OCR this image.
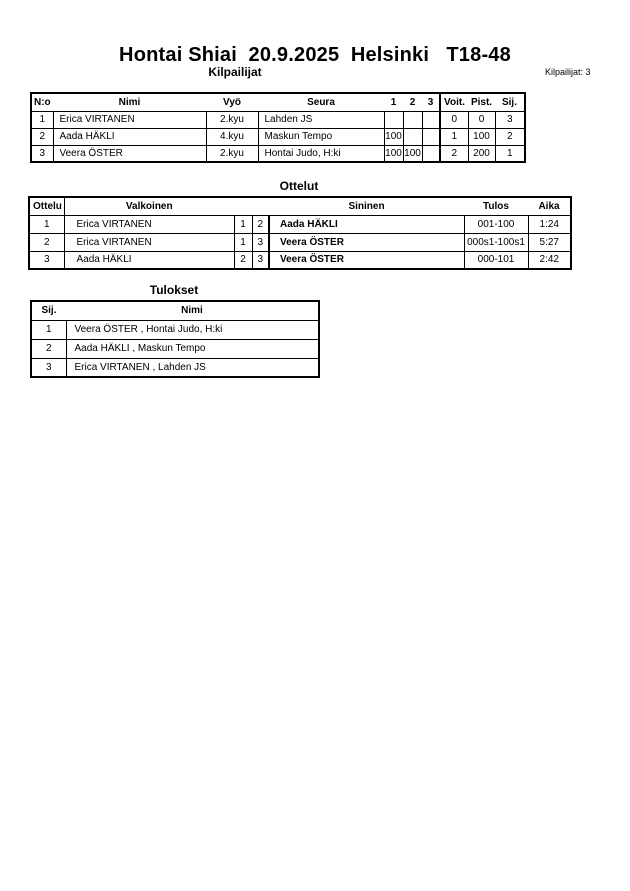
Hontai Shiai  20.9.2025  Helsinki   T18-48
Kilpailijat	Kilpailijat: 3
N:o	Nimi	Vyö	Seura	1	2	3	Voit.	Pist.	Sij.
1	Erica VIRTANEN	2.kyu	Lahden JS				0	0	3
2	Aada HÄKLI	4.kyu	Maskun Tempo	100			1	100	2
3	Veera ÖSTER	2.kyu	Hontai Judo, H:ki	100	100		2	200	1
Ottelut
Ottelu	Valkoinen			Sininen	Tulos	Aika
1	Erica VIRTANEN	1	2	Aada HÄKLI	001-100	1:24
2	Erica VIRTANEN	1	3	Veera ÖSTER	000s1-100s1	5:27
3	Aada HÄKLI	2	3	Veera ÖSTER	000-101	2:42
Tulokset
Sij.	Nimi
1	Veera ÖSTER , Hontai Judo, H:ki
2	Aada HÄKLI , Maskun Tempo
3	Erica VIRTANEN , Lahden JS
